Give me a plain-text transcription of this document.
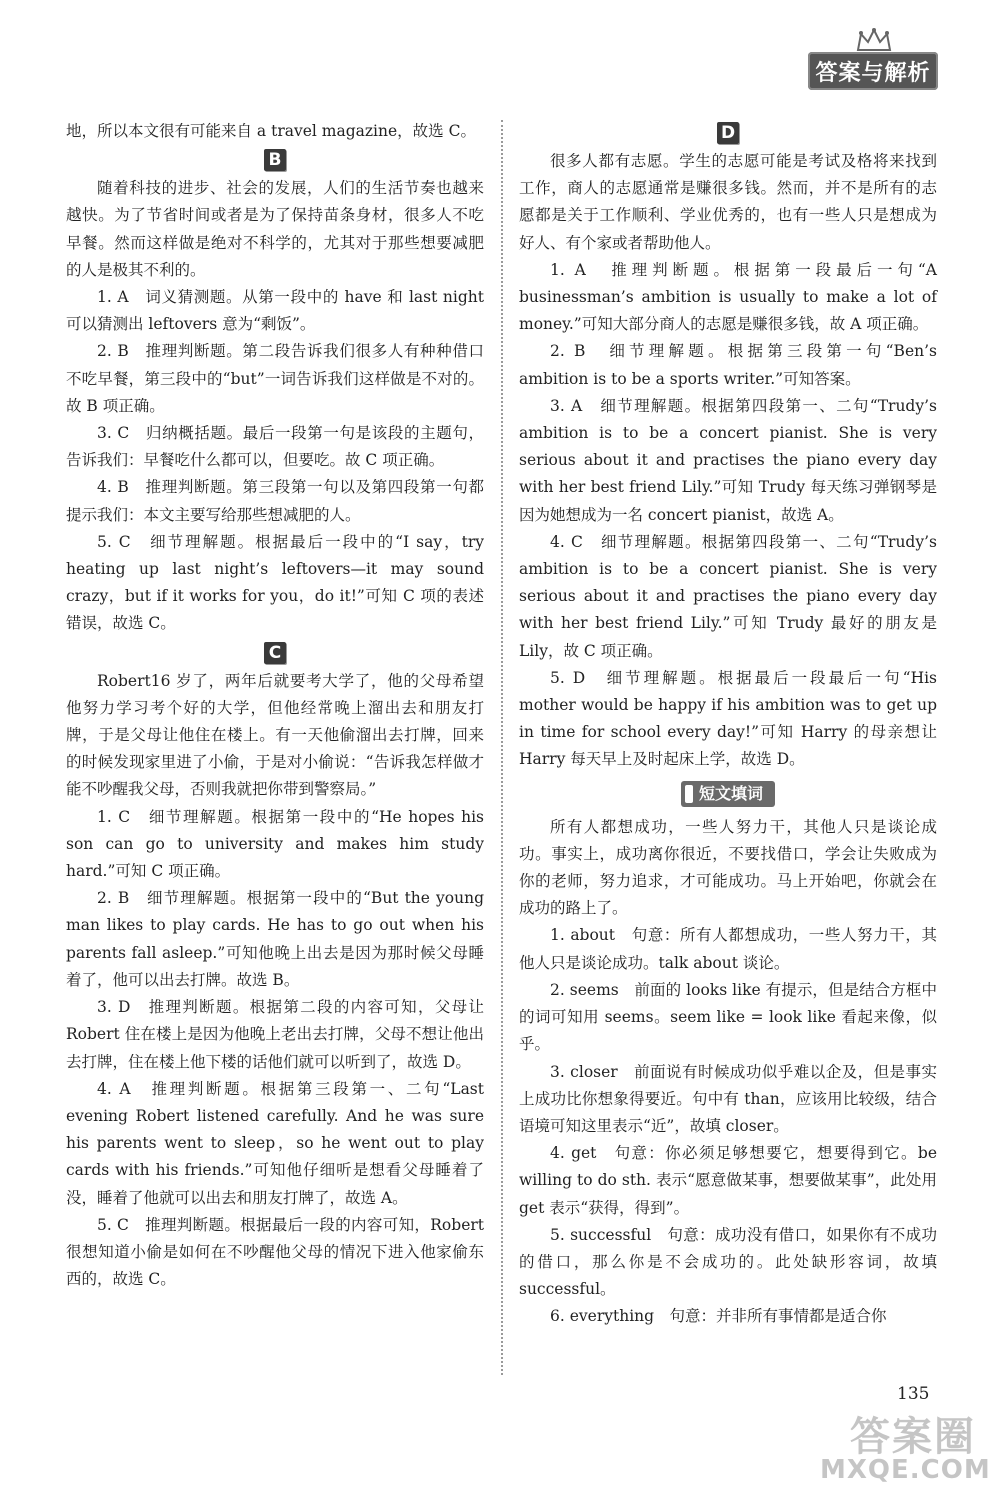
答案与解析

地，所以本文很有可能来自 a travel magazine，故选 C。

B

随着科技的进步、社会的发展，人们的生活节奏也越来越快。为了节省时间或者是为了保持苗条身材，很多人不吃早餐。然而这样做是绝对不科学的，尤其对于那些想要减肥的人是极其不利的。

1. A　词义猜测题。从第一段中的 have 和 last night 可以猜测出 leftovers 意为“剩饭”。

2. B　推理判断题。第二段告诉我们很多人有种种借口不吃早餐，第三段中的“but”一词告诉我们这样做是不对的。故 B 项正确。

3. C　归纳概括题。最后一段第一句是该段的主题句，告诉我们：早餐吃什么都可以，但要吃。故 C 项正确。

4. B　推理判断题。第三段第一句以及第四段第一句都提示我们：本文主要写给那些想减肥的人。

5. C　细节理解题。根据最后一段中的“I say，try heating up last night’s leftovers—it may sound crazy，but if it works for you，do it!”可知 C 项的表述错误，故选 C。

C

Robert16 岁了，两年后就要考大学了，他的父母希望他努力学习考个好的大学，但他经常晚上溜出去和朋友打牌，于是父母让他住在楼上。有一天他偷溜出去打牌，回来的时候发现家里进了小偷，于是对小偷说：“告诉我怎样做才能不吵醒我父母，否则我就把你带到警察局。”

1. C　细节理解题。根据第一段中的“He hopes his son can go to university and makes him study hard.”可知 C 项正确。

2. B　细节理解题。根据第一段中的“But the young man likes to play cards. He has to go out when his parents fall asleep.”可知他晚上出去是因为那时候父母睡着了，他可以出去打牌。故选 B。

3. D　推理判断题。根据第二段的内容可知，父母让 Robert 住在楼上是因为他晚上老出去打牌，父母不想让他出去打牌，住在楼上他下楼的话他们就可以听到了，故选 D。

4. A　推理判断题。根据第三段第一、二句“Last evening Robert listened carefully. And he was sure his parents went to sleep，so he went out to play cards with his friends.”可知他仔细听是想看父母睡着了没，睡着了他就可以出去和朋友打牌了，故选 A。

5. C　推理判断题。根据最后一段的内容可知，Robert 很想知道小偷是如何在不吵醒他父母的情况下进入他家偷东西的，故选 C。

D

很多人都有志愿。学生的志愿可能是考试及格将来找到工作，商人的志愿通常是赚很多钱。然而，并不是所有的志愿都是关于工作顺利、学业优秀的，也有一些人只是想成为好人、有个家或者帮助他人。

1. A　推理判断题。根据第一段最后一句“A businessman’s ambition is usually to make a lot of money.”可知大部分商人的志愿是赚很多钱，故 A 项正确。

2. B　细节理解题。根据第三段第一句“Ben’s ambition is to be a sports writer.”可知答案。

3. A　细节理解题。根据第四段第一、二句“Trudy’s ambition is to be a concert pianist. She is very serious about it and practises the piano every day with her best friend Lily.”可知 Trudy 每天练习弹钢琴是因为她想成为一名 concert pianist，故选 A。

4. C　细节理解题。根据第四段第一、二句“Trudy’s ambition is to be a concert pianist. She is very serious about it and practises the piano every day with her best friend Lily.”可知 Trudy 最好的朋友是 Lily，故 C 项正确。

5. D　细节理解题。根据最后一段最后一句“His mother would be happy if his ambition was to get up in time for school every day!”可知 Harry 的母亲想让 Harry 每天早上及时起床上学，故选 D。

短文填词

所有人都想成功，一些人努力干，其他人只是谈论成功。事实上，成功离你很近，不要找借口，学会让失败成为你的老师，努力追求，才可能成功。马上开始吧，你就会在成功的路上了。

1. about　句意：所有人都想成功，一些人努力干，其他人只是谈论成功。talk about 谈论。

2. seems　前面的 looks like 有提示，但是结合方框中的词可知用 seems。seem like = look like 看起来像，似乎。

3. closer　前面说有时候成功似乎难以企及，但是事实上成功比你想象得要近。句中有 than，应该用比较级，结合语境可知这里表示“近”，故填 closer。

4. get　句意：你必须足够想要它，想要得到它。be willing to do sth. 表示“愿意做某事，想要做某事”，此处用 get 表示“获得，得到”。

5. successful　句意：成功没有借口，如果你有不成功的借口，那么你是不会成功的。此处缺形容词，故填 successful。

6. everything　句意：并非所有事情都是适合你

135
答案圈
MXQE.COM
